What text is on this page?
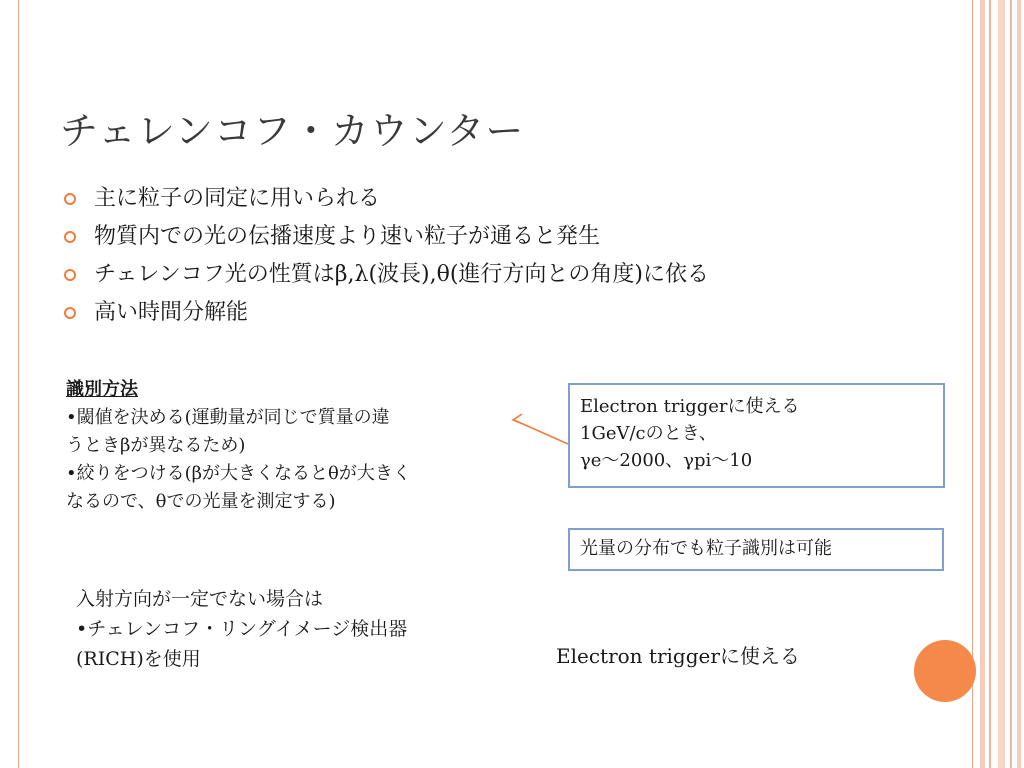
チェレンコフ・カウンター
主に粒子の同定に用いられる
物質内での光の伝播速度より速い粒子が通ると発生
チェレンコフ光の性質はβ,λ(波長),θ(進行方向との角度)に依る
高い時間分解能
識別方法
•閾値を決める(運動量が同じで質量の違
うときβが異なるため)
•絞りをつける(βが大きくなるとθが大きく
なるので、θでの光量を測定する)
Electron triggerに使える
1GeV/cのとき、
γe～2000、γpi～10
光量の分布でも粒子識別は可能
入射方向が一定でない場合は
•チェレンコフ・リングイメージ検出器
(RICH)を使用	Electron triggerに使える
